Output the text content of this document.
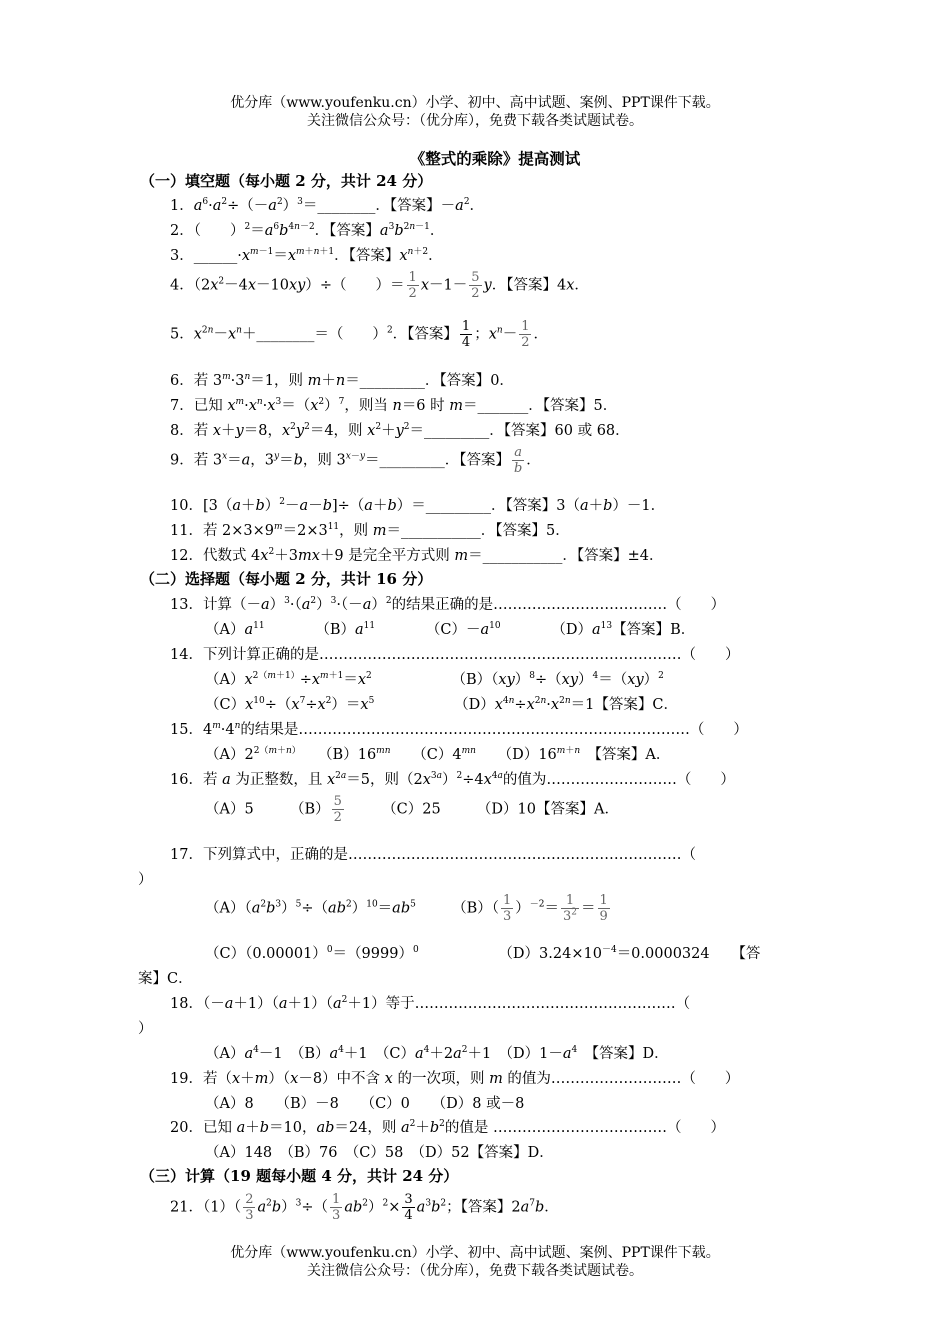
优分库（www.youfenku.cn）小学、初中、高中试题、案例、PPT课件下载。
关注微信公众号：（优分库），免费下载各类试题试卷。
《整式的乘除》提高测试
（一）填空题（每小题 2 分，共计 24 分）
1．$a^6\cdot a^2\div(-a^2)^3=\_\_\_\_\_\_\_\_$．【答案】$-a^2$．
2．（　　）$^2=a^6b^{4n-2}$．【答案】$a^3b^{2n-1}$．
3．$\_\_\_\_\_\_\cdot x^{m-1}=x^{m+n+1}$．【答案】$x^{n+2}$．
4．$(2x^2-4x-10xy)\div$（　　）＝ $\frac{1}{2} x-1- \frac{5}{2}$ y．【答案】4x．
5．$x^{2n}-x^n+\_\_\_\_\_\_\_\_=$（　　）$^2$．【答案】 $\frac{1}{4}$ ；$x^n- \frac{1}{2}$ ．
6．若 $3^m\cdot 3^n=1$，则 m＋n＝_________．【答案】0．
7．已知 $x^m\cdot x^n\cdot x^3=(x^2)^7$，则当 n＝6 时 m＝_______．【答案】5．
8．若 x＋y＝8，$x^2y^2=4$，则 $x^2+y^2=\_\_\_\_\_\_\_\_\_$．【答案】60 或 68．
9．若 $3^x=a$，$3^y=b$，则 $3^{x-y}=\_\_\_\_\_\_\_\_\_$．【答案】 $\frac{a}{b}$ ．
10．$[3(a+b)^2-a-b]\div(a+b)=\_\_\_\_\_\_\_\_\_$．【答案】3（a＋b）－1．
11．若 $2\times 3\times 9^m=2\times 3^{11}$，则 m＝___________．【答案】5．
12．代数式 $4x^2+3mx+9$ 是完全平方式则 m＝___________．【答案】±4．
（二）选择题（每小题 2 分，共计 16 分）
13．计算$(-a)^3\cdot(a^2)^3\cdot(-a)^2$的结果正确的是………………………………（　　）
$(A)a^{11}$　　　　$(B)a^{11}$　　　　$(C)-a^{10}$　　　　$(D)a^{13}$【答案】B．
14．下列计算正确的是…………………………………………………………………（　　）
$(A)x^{2(m+1)}\div x^{m+1}=x^2$　　　　　　（B）（xy）$^8$÷（xy）$^4$＝（xy）$^2$
$(C)x^{10}\div(x^7\div x^2)=x^5$　　　　　　$(D)x^{4n}\div x^{2n}\cdot x^{2n}=1$【答案】C．
15．$4^m\cdot 4^n$的结果是………………………………………………………………………（　　）
$(A)2^{2(m+n)}$　　$(B)16^{mn}$　　$(C)4^{mn}$　　$(D)16^{m+n}$　 【答案】A．
16．若 a 为正整数，且 $x^{2a}=5$，则$(2x^{3a})^2\div 4x^{4a}$的值为………………………（　　）
（A）5　　　$(B) \frac{5}{2}$ 　　　（C）25　　　（D）10【答案】A．
17．下列算式中，正确的是……………………………………………………………（
）
$(A)(a^2b^3)^5\div(ab^2)^{10}=ab^5$　　　$(B)( \frac{1}{3} )^{-2}= \frac{1}{3^2} = \frac{1}{9}$
$(C)(0.00001)^0=(9999)^0$　　　　　　$(D)3.24\times 10^{-4}=0.0000324$　　【答
案】C．
18．$(-a+1)(a+1)(a^2+1)$等于………………………………………………（
）
$(A)a^4-1$　$(B)a^4+1$　$(C)a^4+2a^2+1$　$(D)1-a^4$　 【答案】D．
19．若（x＋m）（x－8）中不含 x 的一次项，则 m 的值为………………………（　　）
（A）8　　（B）－8　　（C）0　　（D）8 或－8
20．已知 a＋b＝10，ab＝24，则 $a^2+b^2$的值是 ………………………………（　　）
（A）148　（B）76　（C）58　（D）52【答案】D．
（三）计算（19 题每小题 4 分，共计 24 分）
21．$(1)( \frac{2}{3} a^2b)^3\div( \frac{1}{3} ab^2)^2\times \frac{3}{4} a^3b^2$；【答案】$2a^7b$．
优分库（www.youfenku.cn）小学、初中、高中试题、案例、PPT课件下载。
关注微信公众号：（优分库），免费下载各类试题试卷。
